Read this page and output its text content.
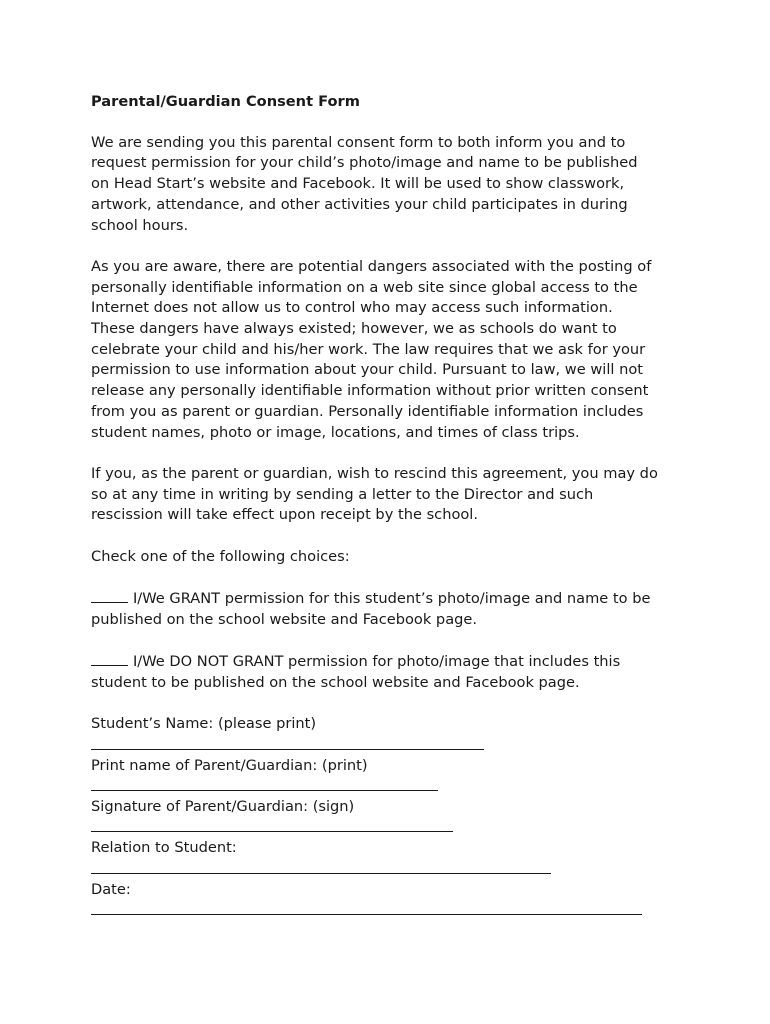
Parental/Guardian Consent Form
We are sending you this parental consent form to both inform you and to
request permission for your child’s photo/image and name to be published
on Head Start’s website and Facebook. It will be used to show classwork,
artwork, attendance, and other activities your child participates in during
school hours.
As you are aware, there are potential dangers associated with the posting of
personally identifiable information on a web site since global access to the
Internet does not allow us to control who may access such information.
These dangers have always existed; however, we as schools do want to
celebrate your child and his/her work. The law requires that we ask for your
permission to use information about your child. Pursuant to law, we will not
release any personally identifiable information without prior written consent
from you as parent or guardian. Personally identifiable information includes
student names, photo or image, locations, and times of class trips.
If you, as the parent or guardian, wish to rescind this agreement, you may do
so at any time in writing by sending a letter to the Director and such
rescission will take effect upon receipt by the school.
Check one of the following choices:
I/We GRANT permission for this student’s photo/image and name to be
published on the school website and Facebook page.
I/We DO NOT GRANT permission for photo/image that includes this
student to be published on the school website and Facebook page.
Student’s Name: (please print)
Print name of Parent/Guardian: (print)
Signature of Parent/Guardian: (sign)
Relation to Student:
Date:
